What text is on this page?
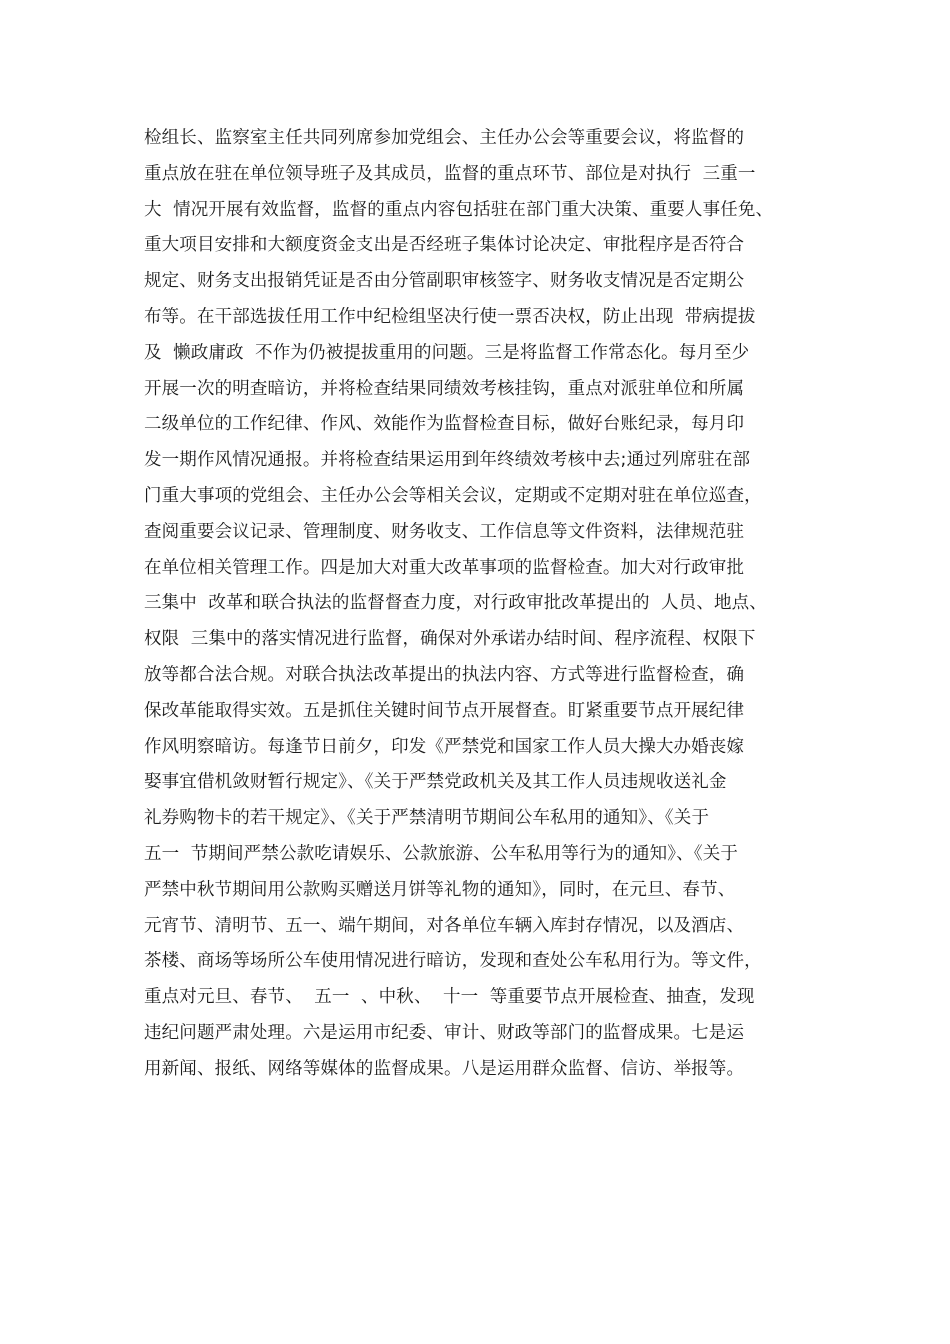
检组长、监察室主任共同列席参加党组会、主任办公会等重要会议，将监督的
重点放在驻在单位领导班子及其成员，监督的重点环节、部位是对执行  三重一
大  情况开展有效监督，监督的重点内容包括驻在部门重大决策、重要人事任免、
重大项目安排和大额度资金支出是否经班子集体讨论决定、审批程序是否符合
规定、财务支出报销凭证是否由分管副职审核签字、财务收支情况是否定期公
布等。在干部选拔任用工作中纪检组坚决行使一票否决权，防止出现  带病提拔
及  懒政庸政  不作为仍被提拔重用的问题。三是将监督工作常态化。每月至少
开展一次的明查暗访，并将检查结果同绩效考核挂钩，重点对派驻单位和所属
二级单位的工作纪律、作风、效能作为监督检查目标，做好台账纪录，每月印
发一期作风情况通报。并将检查结果运用到年终绩效考核中去;通过列席驻在部
门重大事项的党组会、主任办公会等相关会议，定期或不定期对驻在单位巡查，
查阅重要会议记录、管理制度、财务收支、工作信息等文件资料，法律规范驻
在单位相关管理工作。四是加大对重大改革事项的监督检查。加大对行政审批
三集中  改革和联合执法的监督督查力度，对行政审批改革提出的  人员、地点、
权限  三集中的落实情况进行监督，确保对外承诺办结时间、程序流程、权限下
放等都合法合规。对联合执法改革提出的执法内容、方式等进行监督检查，确
保改革能取得实效。五是抓住关键时间节点开展督查。盯紧重要节点开展纪律
作风明察暗访。每逢节日前夕，印发《严禁党和国家工作人员大操大办婚丧嫁
娶事宜借机敛财暂行规定》、《关于严禁党政机关及其工作人员违规收送礼金
礼券购物卡的若干规定》、《关于严禁清明节期间公车私用的通知》、《关于
五一  节期间严禁公款吃请娱乐、公款旅游、公车私用等行为的通知》、《关于
严禁中秋节期间用公款购买赠送月饼等礼物的通知》，同时，在元旦、春节、
元宵节、清明节、五一、端午期间，对各单位车辆入库封存情况，以及酒店、
茶楼、商场等场所公车使用情况进行暗访，发现和查处公车私用行为。等文件，
重点对元旦、春节、  五一  、中秋、  十一  等重要节点开展检查、抽查，发现
违纪问题严肃处理。六是运用市纪委、审计、财政等部门的监督成果。七是运
用新闻、报纸、网络等媒体的监督成果。八是运用群众监督、信访、举报等。
